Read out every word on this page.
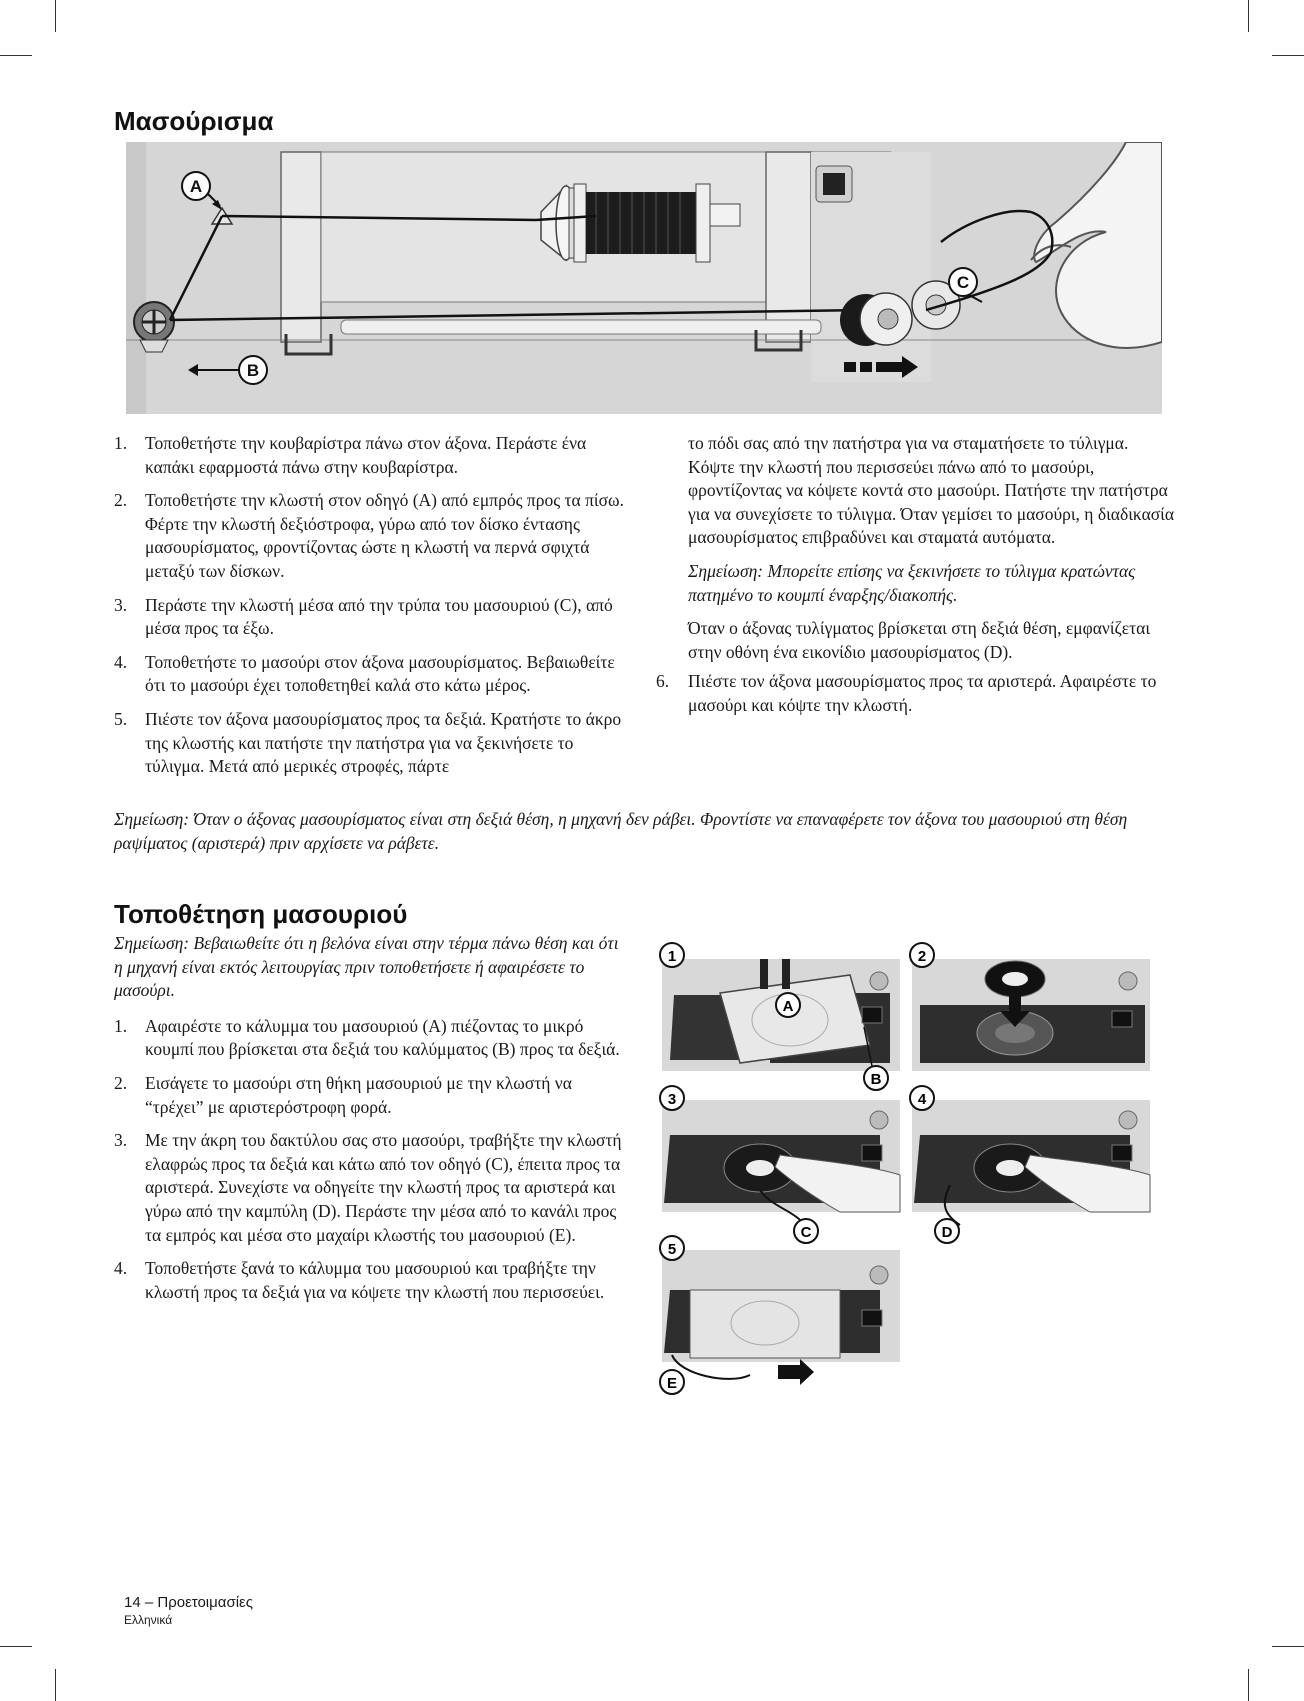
Μασούρισμα
A
B
C
1. Τοποθετήστε την κουβαρίστρα πάνω στον άξονα. Περάστε ένα καπάκι εφαρμοστά πάνω στην κουβαρίστρα.
2. Τοποθετήστε την κλωστή στον οδηγό (A) από εμπρός προς τα πίσω. Φέρτε την κλωστή δεξιόστροφα, γύρω από τον δίσκο έντασης μασουρίσματος, φροντίζοντας ώστε η κλωστή να περνά σφιχτά μεταξύ των δίσκων.
3. Περάστε την κλωστή μέσα από την τρύπα του μασουριού (C), από μέσα προς τα έξω.
4. Τοποθετήστε το μασούρι στον άξονα μασουρίσματος. Βεβαιωθείτε ότι το μασούρι έχει τοποθετηθεί καλά στο κάτω μέρος.
5. Πιέστε τον άξονα μασουρίσματος προς τα δεξιά. Κρατήστε το άκρο της κλωστής και πατήστε την πατήστρα για να ξεκινήσετε το τύλιγμα. Μετά από μερικές στροφές, πάρτε

το πόδι σας από την πατήστρα για να σταματήσετε το τύλιγμα. Κόψτε την κλωστή που περισσεύει πάνω από το μασούρι, φροντίζοντας να κόψετε κοντά στο μασούρι. Πατήστε την πατήστρα για να συνεχίσετε το τύλιγμα. Όταν γεμίσει το μασούρι, η διαδικασία μασουρίσματος επιβραδύνει και σταματά αυτόματα.

Σημείωση: Μπορείτε επίσης να ξεκινήσετε το τύλιγμα κρατώντας πατημένο το κουμπί έναρξης/διακοπής.

Όταν ο άξονας τυλίγματος βρίσκεται στη δεξιά θέση, εμφανίζεται στην οθόνη ένα εικονίδιο μασουρίσματος (D).

6. Πιέστε τον άξονα μασουρίσματος προς τα αριστερά. Αφαιρέστε το μασούρι και κόψτε την κλωστή.

Σημείωση: Όταν ο άξονας μασουρίσματος είναι στη δεξιά θέση, η μηχανή δεν ράβει. Φροντίστε να επαναφέρετε τον άξονα του μασουριού στη θέση ραψίματος (αριστερά) πριν αρχίσετε να ράβετε.

Τοποθέτηση μασουριού

Σημείωση: Βεβαιωθείτε ότι η βελόνα είναι στην τέρμα πάνω θέση και ότι η μηχανή είναι εκτός λειτουργίας πριν τοποθετήσετε ή αφαιρέσετε το μασούρι.

1. Αφαιρέστε το κάλυμμα του μασουριού (A) πιέζοντας το μικρό κουμπί που βρίσκεται στα δεξιά του καλύμματος (B) προς τα δεξιά.
2. Εισάγετε το μασούρι στη θήκη μασουριού με την κλωστή να “τρέχει” με αριστερόστροφη φορά.
3. Με την άκρη του δακτύλου σας στο μασούρι, τραβήξτε την κλωστή ελαφρώς προς τα δεξιά και κάτω από τον οδηγό (C), έπειτα προς τα αριστερά. Συνεχίστε να οδηγείτε την κλωστή προς τα αριστερά και γύρω από την καμπύλη (D). Περάστε την μέσα από το κανάλι προς τα εμπρός και μέσα στο μαχαίρι κλωστής του μασουριού (E).
4. Τοποθετήστε ξανά το κάλυμμα του μασουριού και τραβήξτε την κλωστή προς τα δεξιά για να κόψετε την κλωστή που περισσεύει.
1	2
3	4
5
A
B
C	D
E
14 – Προετοιμασίες
Ελληνικά
